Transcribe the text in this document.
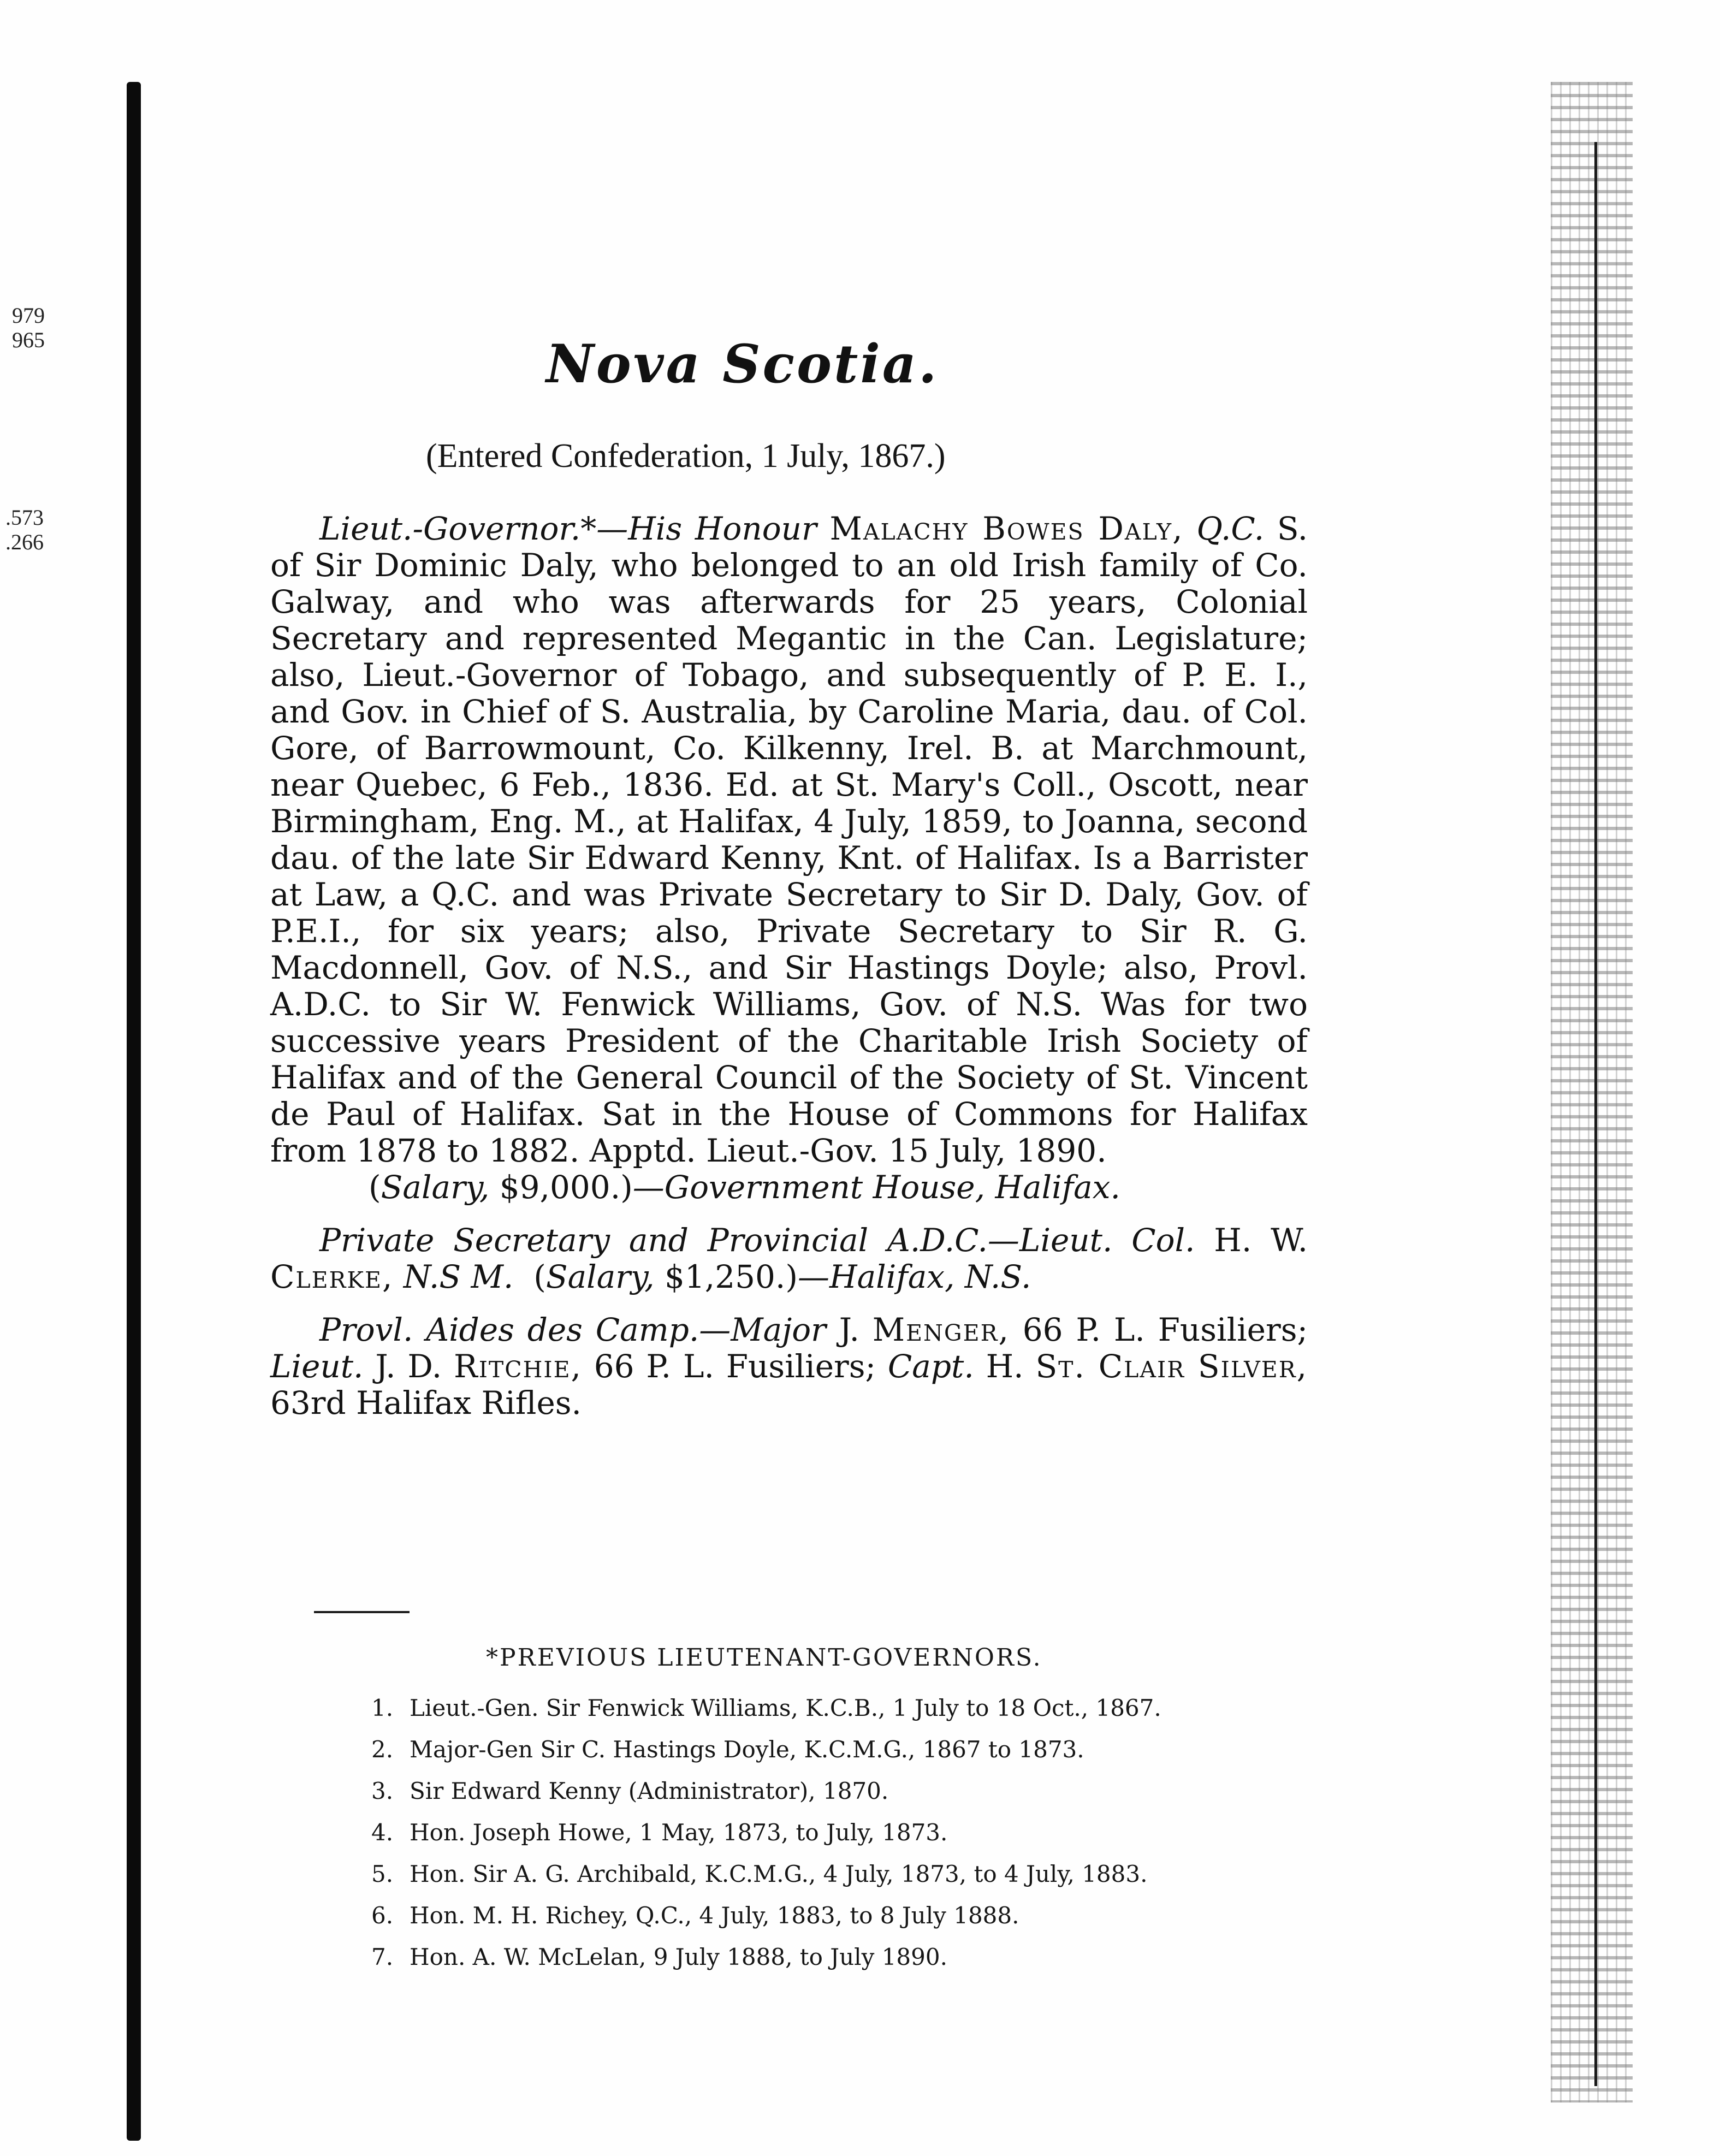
979
965
.573
.266
Nova Scotia.
(Entered Confederation, 1 July, 1867.)

Lieut.-Governor.*—His Honour Malachy Bowes Daly, Q.C. S. of Sir Dominic Daly, who belonged to an old Irish family of Co. Galway, and who was afterwards for 25 years, Colonial Secretary and represented Megantic in the Can. Legislature; also, Lieut.-Governor of Tobago, and subsequently of P. E. I., and Gov. in Chief of S. Australia, by Caroline Maria, dau. of Col. Gore, of Barrowmount, Co. Kilkenny, Irel. B. at Marchmount, near Quebec, 6 Feb., 1836. Ed. at St. Mary's Coll., Oscott, near Birmingham, Eng. M., at Halifax, 4 July, 1859, to Joanna, second dau. of the late Sir Edward Kenny, Knt. of Halifax. Is a Barrister at Law, a Q.C. and was Private Secretary to Sir D. Daly, Gov. of P.E.I., for six years; also, Private Secretary to Sir R. G. Macdonnell, Gov. of N.S., and Sir Hastings Doyle; also, Provl. A.D.C. to Sir W. Fenwick Williams, Gov. of N.S. Was for two successive years President of the Charitable Irish Society of Halifax and of the General Council of the Society of St. Vincent de Paul of Halifax. Sat in the House of Commons for Halifax from 1878 to 1882. Apptd. Lieut.-Gov. 15 July, 1890.

(Salary, $9,000.)—Government House, Halifax.

Private Secretary and Provincial A.D.C.—Lieut. Col. H. W. Clerke, N.S M. (Salary, $1,250.)—Halifax, N.S.

Provl. Aides des Camp.—Major J. Menger, 66 P. L. Fusiliers; Lieut. J. D. Ritchie, 66 P. L. Fusiliers; Capt. H. St. Clair Silver, 63rd Halifax Rifles.

*PREVIOUS LIEUTENANT-GOVERNORS.
1. Lieut.-Gen. Sir Fenwick Williams, K.C.B., 1 July to 18 Oct., 1867.
2. Major-Gen Sir C. Hastings Doyle, K.C.M.G., 1867 to 1873.
3. Sir Edward Kenny (Administrator), 1870.
4. Hon. Joseph Howe, 1 May, 1873, to July, 1873.
5. Hon. Sir A. G. Archibald, K.C.M.G., 4 July, 1873, to 4 July, 1883.
6. Hon. M. H. Richey, Q.C., 4 July, 1883, to 8 July 1888.
7. Hon. A. W. McLelan, 9 July 1888, to July 1890.
